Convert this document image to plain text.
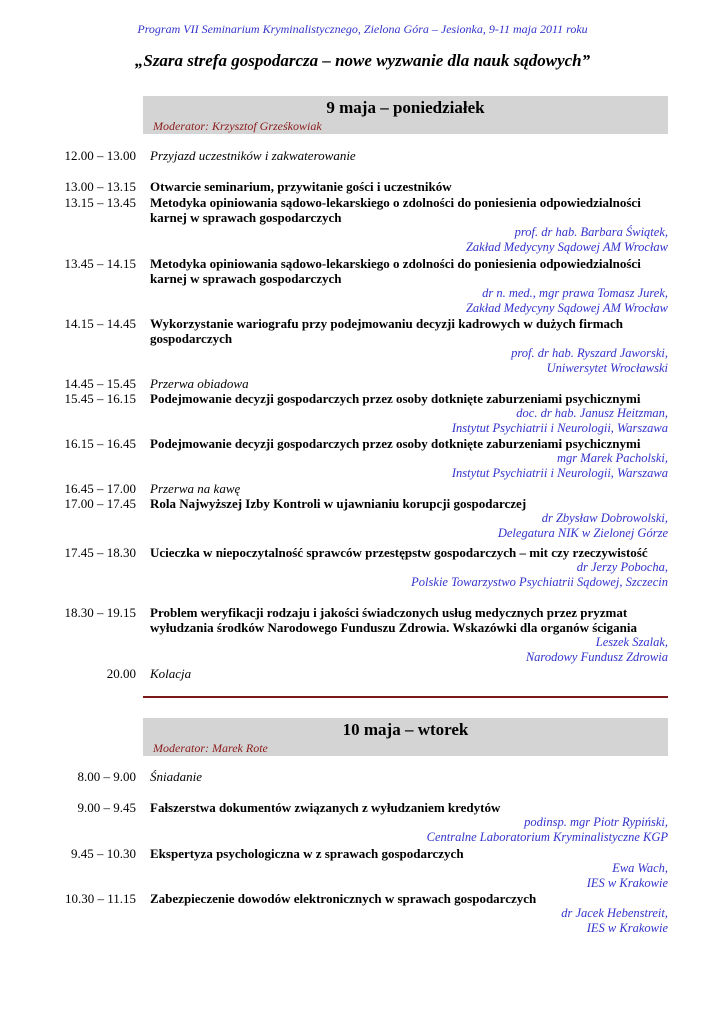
Program VII Seminarium Kryminalistycznego, Zielona Góra – Jesionka, 9-11 maja 2011 roku
„Szara strefa gospodarcza – nowe wyzwanie dla nauk sądowych”
9 maja – poniedziałek
Moderator: Krzysztof Grześkowiak
12.00 – 13.00 Przyjazd uczestników i zakwaterowanie
13.00 – 13.15 Otwarcie seminarium, przywitanie gości i uczestników
13.15 – 13.45 Metodyka opiniowania sądowo-lekarskiego o zdolności do poniesienia odpowiedzialności karnej w sprawach gospodarczych
prof. dr hab. Barbara Świątek,
Zakład Medycyny Sądowej AM Wrocław
13.45 – 14.15 Metodyka opiniowania sądowo-lekarskiego o zdolności do poniesienia odpowiedzialności karnej w sprawach gospodarczych
dr n. med., mgr prawa Tomasz Jurek,
Zakład Medycyny Sądowej AM Wrocław
14.15 – 14.45 Wykorzystanie wariografu przy podejmowaniu decyzji kadrowych w dużych firmach gospodarczych
prof. dr hab. Ryszard Jaworski,
Uniwersytet Wrocławski
14.45 – 15.45 Przerwa obiadowa
15.45 – 16.15 Podejmowanie decyzji gospodarczych przez osoby dotknięte zaburzeniami psychicznymi
doc. dr hab. Janusz Heitzman,
Instytut Psychiatrii i Neurologii, Warszawa
16.15 – 16.45 Podejmowanie decyzji gospodarczych przez osoby dotknięte zaburzeniami psychicznymi
mgr Marek Pacholski,
Instytut Psychiatrii i Neurologii, Warszawa
16.45 – 17.00 Przerwa na kawę
17.00 – 17.45 Rola Najwyższej Izby Kontroli w ujawnianiu korupcji gospodarczej
dr Zbysław Dobrowolski,
Delegatura NIK w Zielonej Górze
17.45 – 18.30 Ucieczka w niepoczytalność sprawców przestępstw gospodarczych – mit czy rzeczywistość
dr Jerzy Pobocha,
Polskie Towarzystwo Psychiatrii Sądowej, Szczecin
18.30 – 19.15 Problem weryfikacji rodzaju i jakości świadczonych usług medycznych przez pryzmat wyłudzania środków Narodowego Funduszu Zdrowia. Wskazówki dla organów ścigania
Leszek Szalak,
Narodowy Fundusz Zdrowia
20.00 Kolacja
10 maja – wtorek
Moderator: Marek Rote
8.00 – 9.00 Śniadanie
9.00 – 9.45 Fałszerstwa dokumentów związanych z wyłudzaniem kredytów
podinsp. mgr Piotr Rypiński,
Centralne Laboratorium Kryminalistyczne KGP
9.45 – 10.30 Ekspertyza psychologiczna w z sprawach gospodarczych
Ewa Wach,
IES w Krakowie
10.30 – 11.15 Zabezpieczenie dowodów elektronicznych w sprawach gospodarczych
dr Jacek Hebenstreit,
IES w Krakowie
